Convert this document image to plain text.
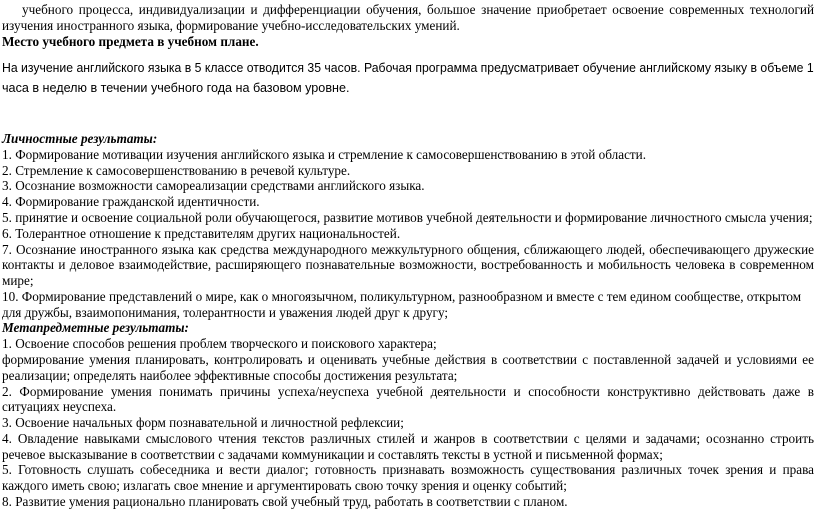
учебного процесса, индивидуализации и дифференциации обучения, большое значение приобретает освоение современных технологий

изучения иностранного языка, формирование учебно-исследовательских умений.

Место учебного предмета в учебном плане.

На изучение английского языка в 5 классе отводится 35 часов. Рабочая программа предусматривает обучение английскому языку в объеме 1

часа в неделю в течении учебного года на базовом уровне.

Личностные результаты:

1. Формирование мотивации изучения английского языка и стремление к самосовершенствованию в этой области.

2. Стремление к самосовершенствованию в речевой культуре.

3. Осознание возможности самореализации средствами английского языка.

4. Формирование гражданской идентичности.

5. принятие и освоение социальной роли обучающегося, развитие мотивов учебной деятельности и формирование личностного смысла учения;

6. Толерантное отношение к представителям других национальностей.

7. Осознание иностранного языка как средства международного межкультурного общения, сближающего людей, обеспечивающего дружеские

контакты и деловое взаимодействие, расширяющего познавательные возможности, востребованность и мобильность человека в современном

мире;

10. Формирование представлений о мире, как о многоязычном, поликультурном, разнообразном и вместе с тем едином сообществе, открытом

для дружбы, взаимопонимания, толерантности и уважения людей друг к другу;

Метапредметные результаты:

1. Освоение способов решения проблем творческого и поискового характера;

формирование умения планировать, контролировать и оценивать учебные действия в соответствии с поставленной задачей и условиями ее

реализации; определять наиболее эффективные способы достижения результата;

2. Формирование умения понимать причины успеха/неуспеха учебной деятельности и способности конструктивно действовать даже в

ситуациях неуспеха.

3. Освоение начальных форм познавательной и личностной рефлексии;

4. Овладение навыками смыслового чтения текстов различных стилей и жанров в соответствии с целями и задачами; осознанно строить

речевое высказывание в соответствии с задачами коммуникации и составлять тексты в устной и письменной формах;

5. Готовность слушать собеседника и вести диалог; готовность признавать возможность существования различных точек зрения и права

каждого иметь свою; излагать свое мнение и аргументировать свою точку зрения и оценку событий;

8. Развитие умения рационально планировать свой учебный труд, работать в соответствии с планом.
